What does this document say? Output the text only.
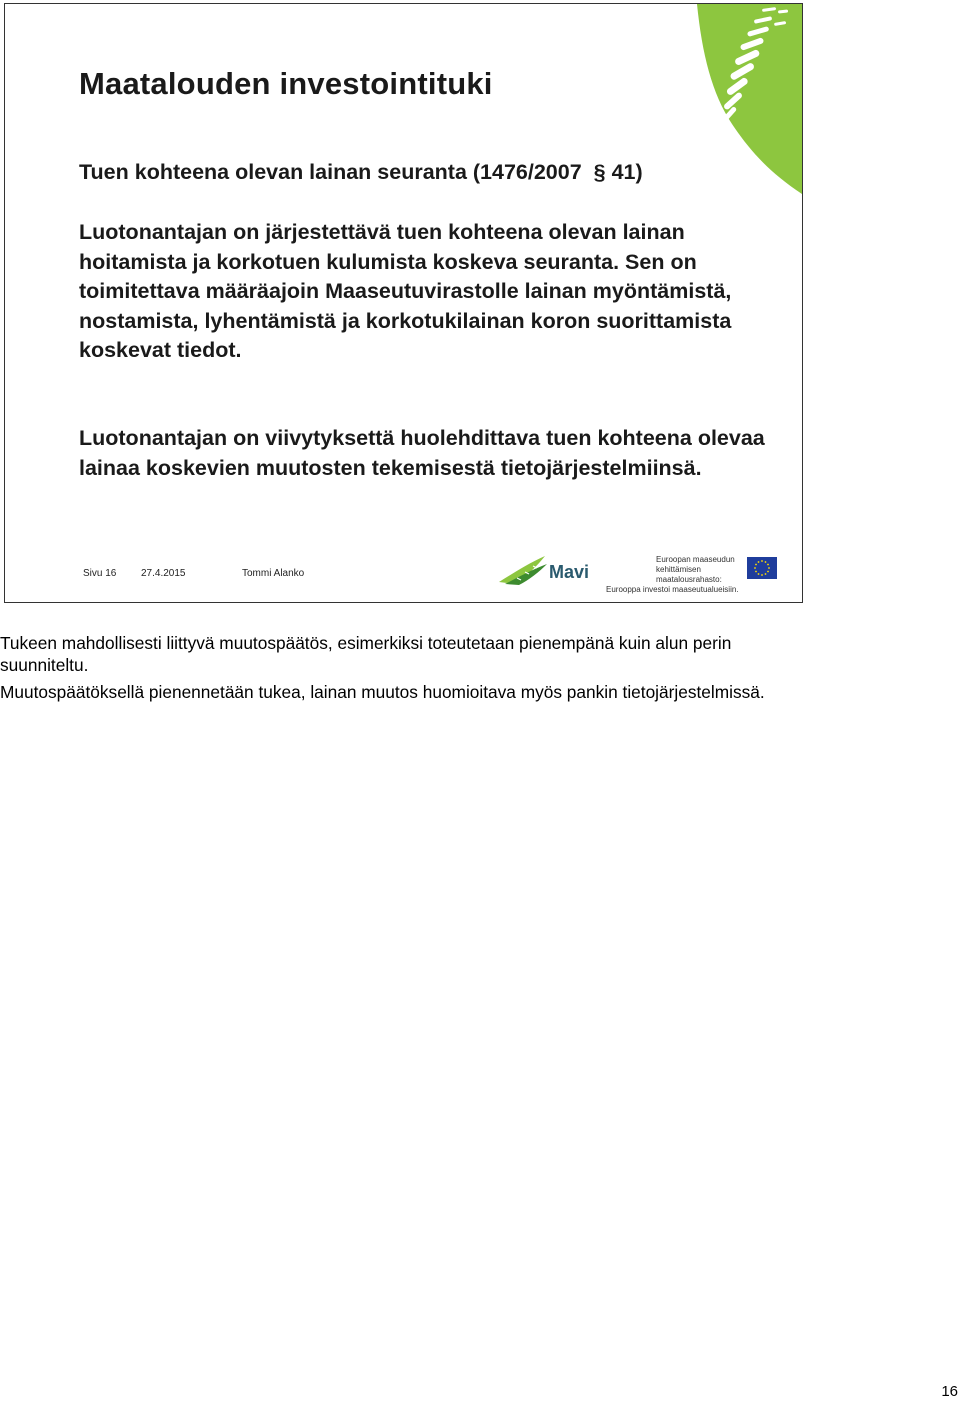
Maatalouden investointituki
Tuen kohteena olevan lainan seuranta (1476/2007 § 41)

Luotonantajan on järjestettävä tuen kohteena olevan lainan hoitamista ja korkotuen kulumista koskeva seuranta. Sen on toimitettava määräajoin Maaseutuvirastolle lainan myöntämistä, nostamista, lyhentämistä ja korkotukilainan koron suorittamista koskevat tiedot.

Luotonantajan on viivytyksettä huolehdittava tuen kohteena olevaa lainaa koskevien muutosten tekemisestä tietojärjestelmiinsä.

Sivu 16 27.4.2015	Tommi Alanko	Mavi
Euroopan maaseudun
kehittämisen maatalousrahasto:
Eurooppa investoi maaseutualueisiin.

Tukeen mahdollisesti liittyvä muutospäätös, esimerkiksi toteutetaan pienempänä kuin alun perin suunniteltu.

Muutospäätöksellä pienennetään tukea, lainan muutos huomioitava myös pankin tietojärjestelmissä.

16
